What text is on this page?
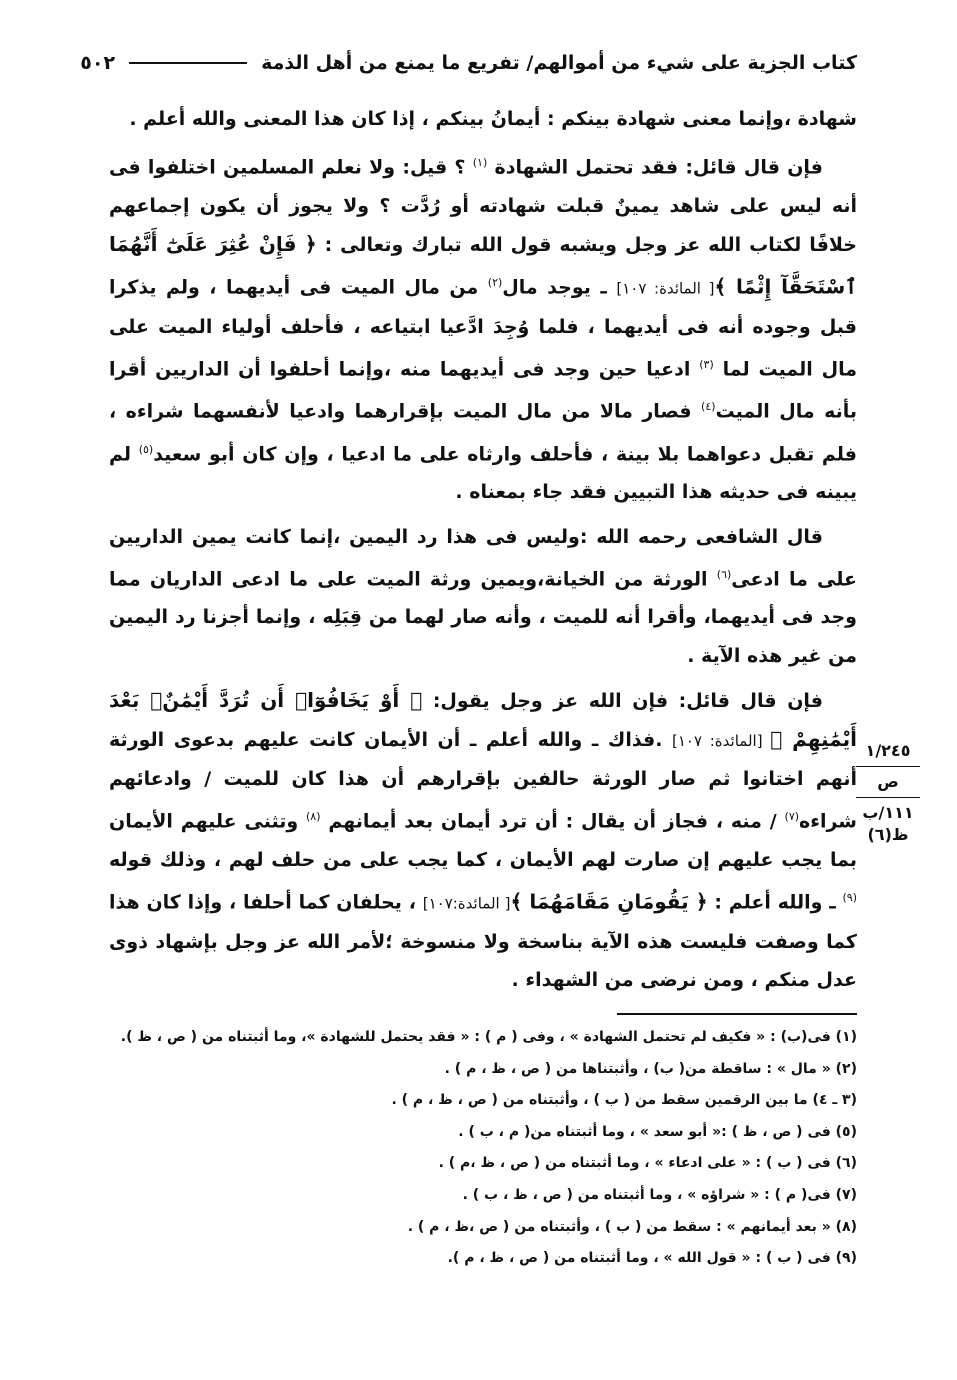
كتاب الجزية على شيء من أموالهم/ تفريع ما يمنع من أهل الذمة
٥٠٢

شهادة ،وإنما معنى شهادة بينكم : أيمانُ بينكم ، إذا كان هذا المعنى والله أعلم .

فإن قال قائل: فقد تحتمل الشهادة $^{(١)}$ ؟ قيل: ولا نعلم المسلمين اختلفوا فى أنه ليس على شاهد يمينٌ قبلت شهادته أو رُدَّت ؟ ولا يجوز أن يكون إجماعهم خلافًا لكتاب الله عز وجل ويشبه قول الله تبارك وتعالى : ﴿ فَإِنْ عُثِرَ عَلَىٰٓ أَنَّهُمَا ٱسْتَحَقَّآ إِثْمًا ﴾[ المائدة: ١٠٧] ـ يوجد مال$^{(٢)}$ من مال الميت فى أيديهما ، ولم يذكرا قبل وجوده أنه فى أيديهما ، فلما وُجِدَ ادَّعيا ابتياعه ، فأحلف أولياء الميت على مال الميت لما $^{(٣)}$ ادعيا حين وجد فى أيديهما منه ،وإنما أحلفوا أن الداريين أقرا بأنه مال الميت$^{(٤)}$ فصار مالا من مال الميت بإقرارهما وادعيا لأنفسهما شراءه ، فلم تقبل دعواهما بلا بينة ، فأحلف وارثاه على ما ادعيا ، وإن كان أبو سعيد$^{(٥)}$ لم يبينه فى حديثه هذا التبيين فقد جاء بمعناه .

قال الشافعى رحمه الله :وليس فى هذا رد اليمين ،إنما كانت يمين الداريين على ما ادعى$^{(٦)}$ الورثة من الخيانة،ويمين ورثة الميت على ما ادعى الداريان مما وجد فى أيديهما، وأقرا أنه للميت ، وأنه صار لهما من قِبَلِه ، وإنما أجزنا رد اليمين من غير هذه الآية .

فإن قال قائل: فإن الله عز وجل يقول: ﴿ أَوْ يَخَافُوٓا۟ أَن تُرَدَّ أَيْمَٰنٌۢ بَعْدَ أَيْمَٰنِهِمْ ﴾ [المائدة: ١٠٧] .فذاك ـ والله أعلم ـ أن الأيمان كانت عليهم بدعوى الورثة أنهم اختانوا ثم صار الورثة حالفين بإقرارهم أن هذا كان للميت / وادعائهم شراءه$^{(٧)}$ / منه ، فجاز أن يقال : أن ترد أيمان بعد أيمانهم $^{(٨)}$ وتثنى عليهم الأيمان بما يجب عليهم إن صارت لهم الأيمان ، كما يجب على من حلف لهم ، وذلك قوله $^{(٩)}$ ـ والله أعلم : ﴿ يَقُومَانِ مَقَامَهُمَا ﴾[ المائدة:١٠٧] ، يحلفان كما أحلفا ، وإذا كان هذا كما وصفت فليست هذه الآية بناسخة ولا منسوخة ؛لأمر الله عز وجل بإشهاد ذوى عدل منكم ، ومن نرضى من الشهداء .

١/٢٤٥
ص
١١١/ب
ظ(٦)
(١) فى(ب) : « فكيف لم تحتمل الشهادة » ، وفى ( م ) : « فقد يحتمل للشهادة »، وما أثبتناه من ( ص ، ظ ).
(٢) « مال » : ساقطة من( ب) ، وأثبتناها من ( ص ، ظ ، م ) .
(٣ ـ ٤) ما بين الرقمين سقط من ( ب ) ، وأثبتناه من ( ص ، ظ ، م ) .
(٥) فى ( ص ، ظ ) :« أبو سعد » ، وما أثبتناه من( م ، ب ) .
(٦) فى ( ب ) : « على ادعاء » ، وما أثبتناه من ( ص ، ظ ،م ) .
(٧) فى( م ) : « شراؤه » ، وما أثبتناه من ( ص ، ظ ، ب ) .
(٨) « بعد أيمانهم » : سقط من ( ب ) ، وأثبتناه من ( ص ،ظ ، م ) .
(٩) فى ( ب ) : « قول الله » ، وما أثبتناه من ( ص ، ظ ، م ).
